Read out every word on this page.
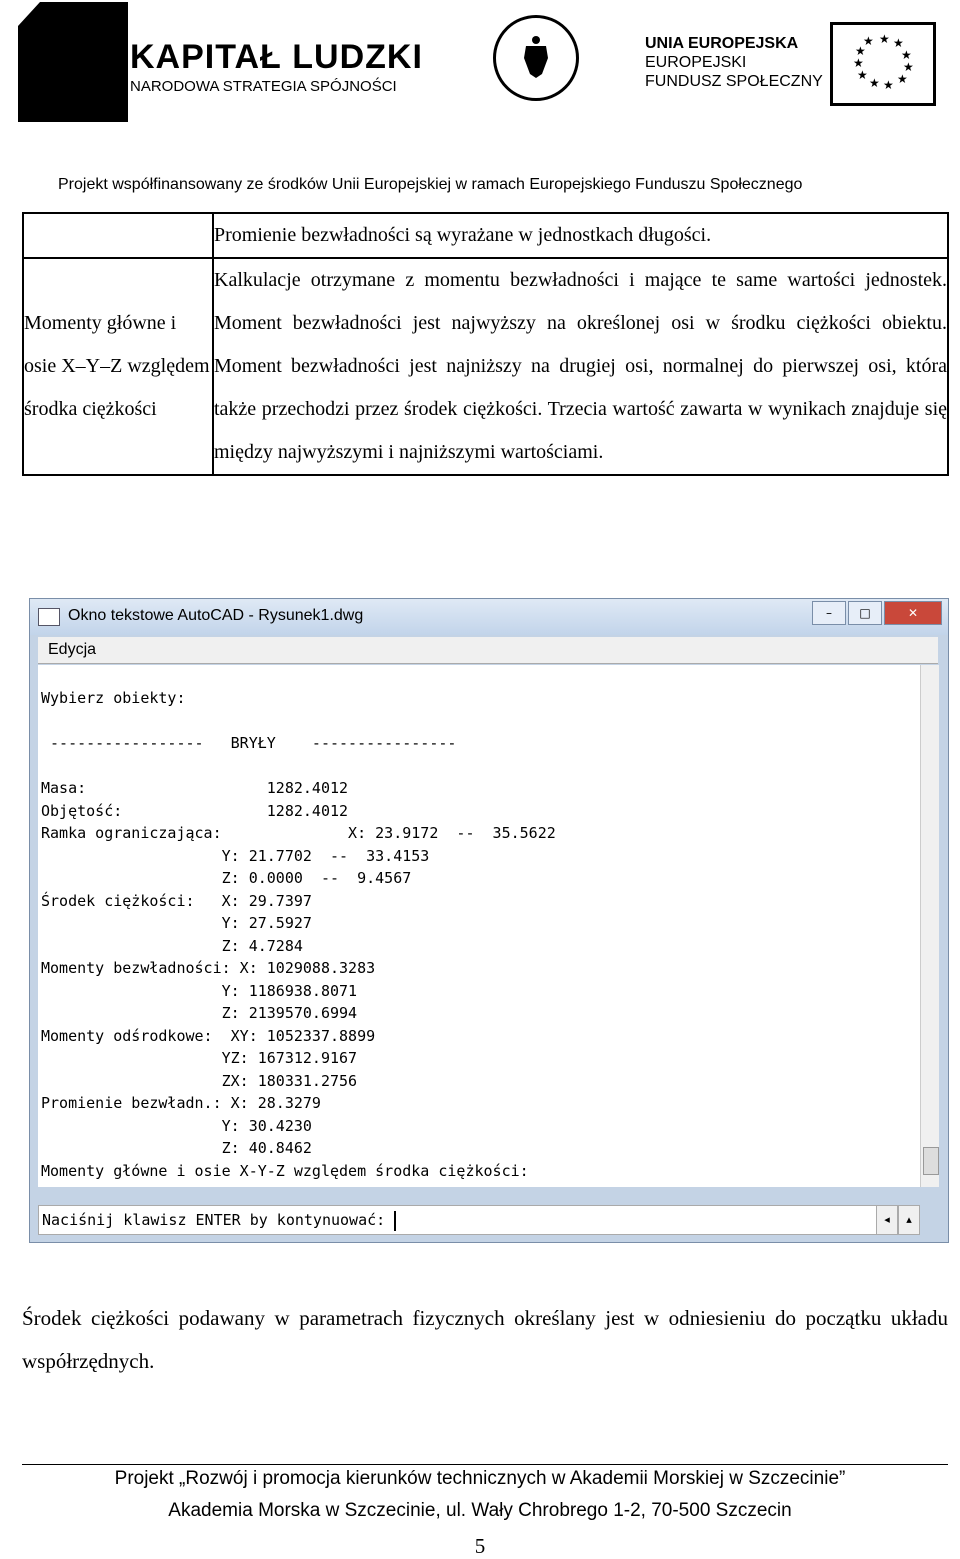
KAPITAŁ LUDZKI
NARODOWA STRATEGIA SPÓJNOŚCI
UNIA EUROPEJSKA
EUROPEJSKI
FUNDUSZ SPOŁECZNY
★ ★
★
★
★
★
★
★
★
★
★
Projekt współfinansowany ze środków Unii Europejskiej w ramach Europejskiego Funduszu Społecznego

	Promienie bezwładności są wyrażane w jednostkach długości.

Momenty główne i osie X–Y–Z względem środka ciężkości	Kalkulacje otrzymane z momentu bezwładności i mające te same wartości jednostek. Moment bezwładności jest najwyższy na określonej osi w środku ciężkości obiektu. Moment bezwładności jest najniższy na drugiej osi, normalnej do pierwszej osi, która także przechodzi przez środek ciężkości. Trzecia wartość zawarta w wynikach znajduje się między najwyższymi i najniższymi wartościami.
Okno tekstowe AutoCAD - Rysunek1.dwg	–	□	✕
Edycja
Wybierz obiekty:

-----------------   BRYŁY    ----------------

Masa:                    1282.4012
Objętość:                1282.4012
Ramka ograniczająca:              X: 23.9172  --  35.5622
Y: 21.7702  --  33.4153
Z: 0.0000  --  9.4567
Środek ciężkości:   X: 29.7397
Y: 27.5927
Z: 4.7284
Momenty bezwładności: X: 1029088.3283
Y: 1186938.8071
Z: 2139570.6994
Momenty odśrodkowe:  XY: 1052337.8899
YZ: 167312.9167
ZX: 180331.2756
Promienie bezwładn.: X: 28.3279
Y: 30.4230
Z: 40.8462
Momenty główne i osie X-Y-Z względem środka ciężkości:
Naciśnij klawisz ENTER by kontynuować:	◂	▴
Środek ciężkości podawany w parametrach fizycznych określany jest w odniesieniu do początku układu współrzędnych.
Projekt „Rozwój i promocja kierunków technicznych w Akademii Morskiej w Szczecinie”
Akademia Morska w Szczecinie, ul. Wały Chrobrego 1-2, 70-500 Szczecin
5
